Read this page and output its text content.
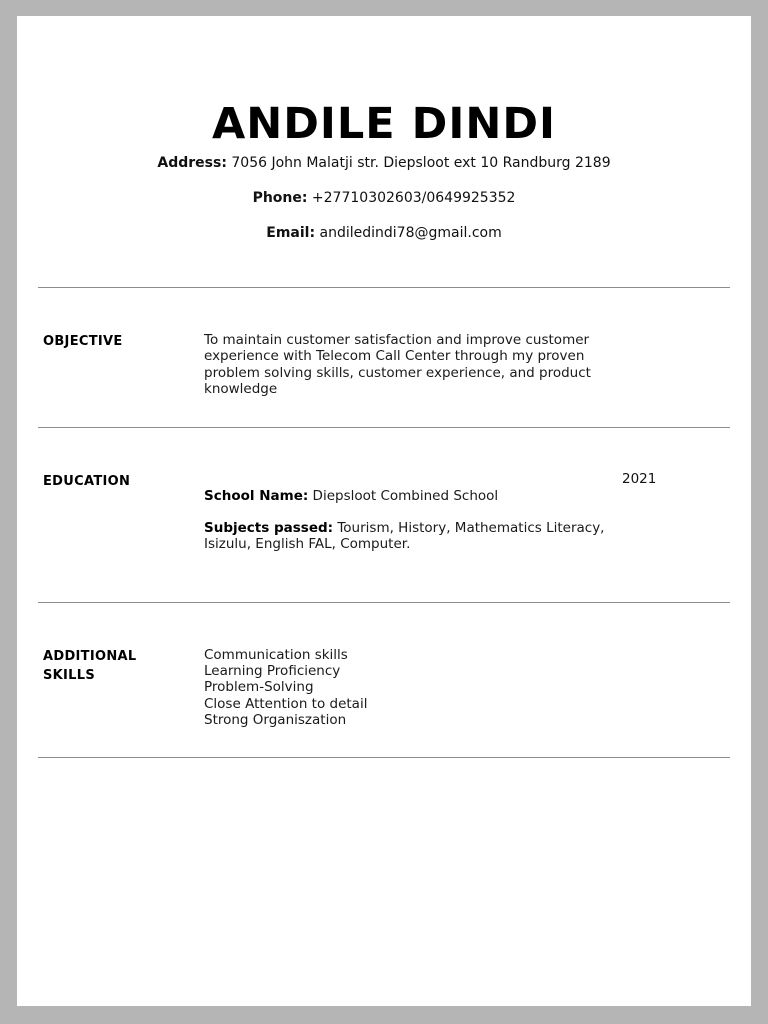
ANDILE DINDI
Address: 7056 John Malatji str. Diepsloot ext 10 Randburg 2189
Phone: +27710302603/0649925352
Email: andiledindi78@gmail.com
OBJECTIVE	To maintain customer satisfaction and improve customer experience with Telecom Call Center through my proven problem solving skills, customer experience, and product knowledge
EDUCATION	2021
School Name: Diepsloot Combined School
Subjects passed: Tourism, History, Mathematics Literacy, Isizulu, English FAL, Computer.
ADDITIONAL SKILLS
Communication skills
Learning Proficiency
Problem-Solving
Close Attention to detail
Strong Organiszation
